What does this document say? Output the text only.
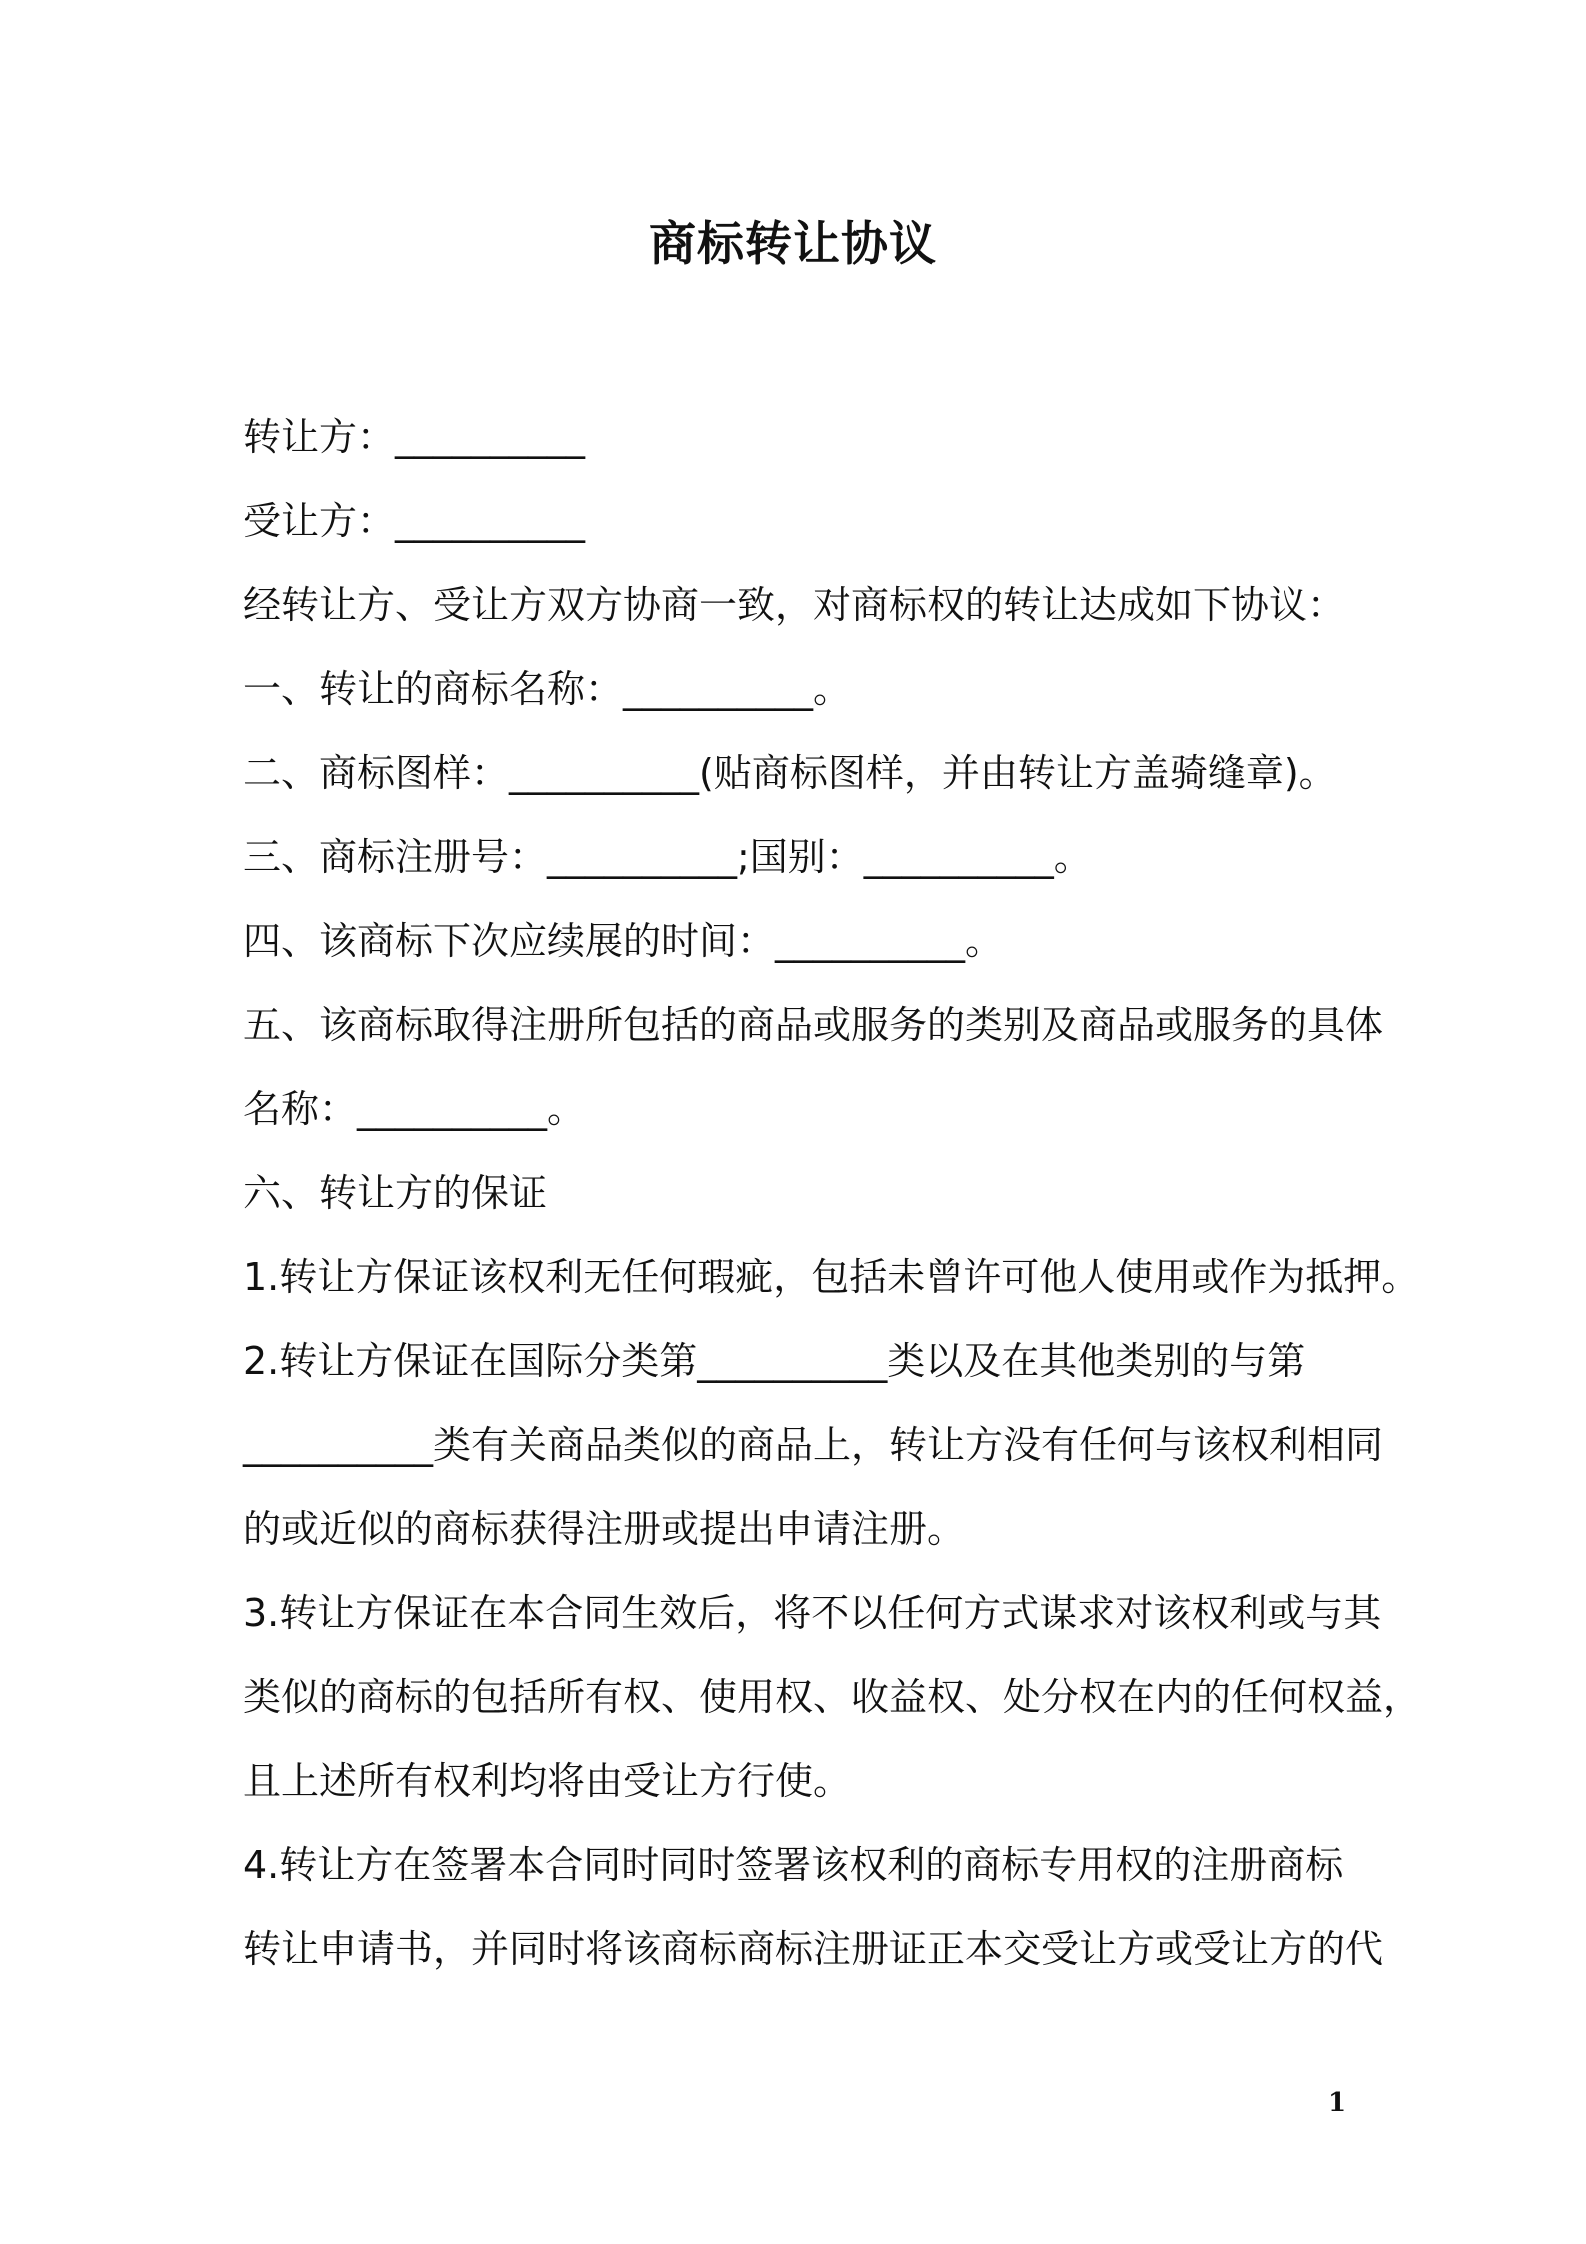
商标转让协议
转让方：__________
受让方：__________
经转让方、受让方双方协商一致，对商标权的转让达成如下协议：
一、转让的商标名称：__________。
二、商标图样：__________(贴商标图样，并由转让方盖骑缝章)。
三、商标注册号：__________;国别：__________。
四、该商标下次应续展的时间：__________。
五、该商标取得注册所包括的商品或服务的类别及商品或服务的具体
名称：__________。
六、转让方的保证
1.转让方保证该权利无任何瑕疵，包括未曾许可他人使用或作为抵押。
2.转让方保证在国际分类第__________类以及在其他类别的与第
__________类有关商品类似的商品上，转让方没有任何与该权利相同
的或近似的商标获得注册或提出申请注册。
3.转让方保证在本合同生效后，将不以任何方式谋求对该权利或与其
类似的商标的包括所有权、使用权、收益权、处分权在内的任何权益，
且上述所有权利均将由受让方行使。
4.转让方在签署本合同时同时签署该权利的商标专用权的注册商标
转让申请书，并同时将该商标商标注册证正本交受让方或受让方的代
1
